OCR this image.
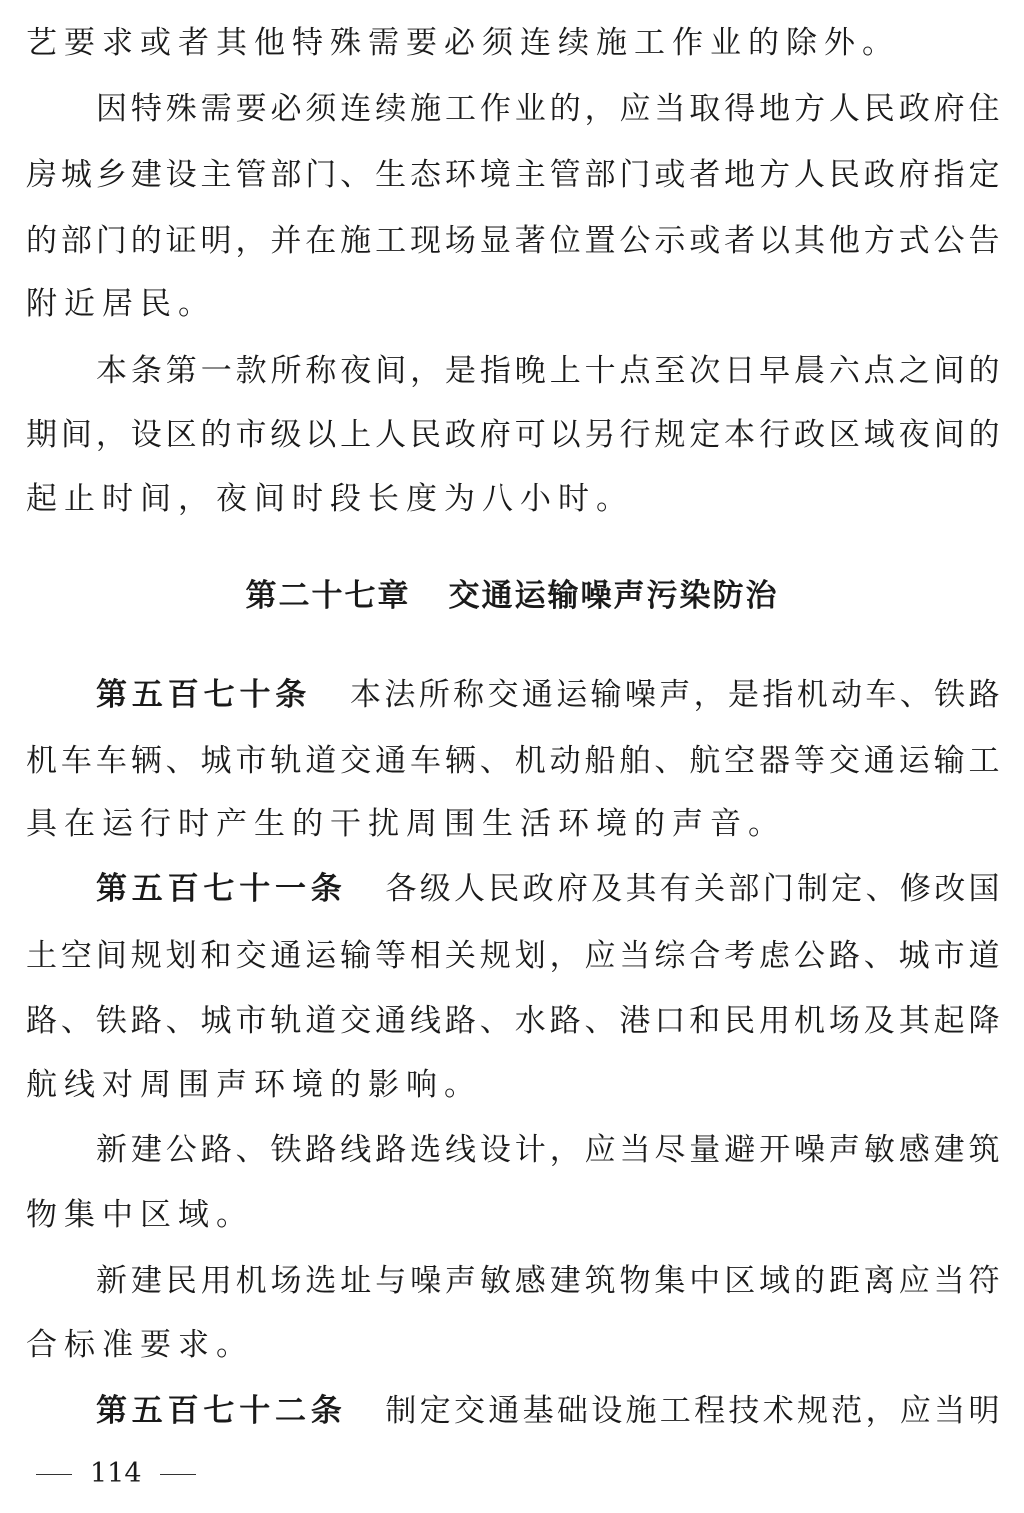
艺要求或者其他特殊需要必须连续施工作业的除外。
因特殊需要必须连续施工作业的，应当取得地方人民政府住
房城乡建设主管部门、生态环境主管部门或者地方人民政府指定
的部门的证明，并在施工现场显著位置公示或者以其他方式公告
附近居民。
本条第一款所称夜间，是指晚上十点至次日早晨六点之间的
期间，设区的市级以上人民政府可以另行规定本行政区域夜间的
起止时间，夜间时段长度为八小时。
第二十七章 交通运输噪声污染防治
第五百七十条 本法所称交通运输噪声，是指机动车、铁路
机车车辆、城市轨道交通车辆、机动船舶、航空器等交通运输工
具在运行时产生的干扰周围生活环境的声音。
第五百七十一条 各级人民政府及其有关部门制定、修改国
土空间规划和交通运输等相关规划，应当综合考虑公路、城市道
路、铁路、城市轨道交通线路、水路、港口和民用机场及其起降
航线对周围声环境的影响。
新建公路、铁路线路选线设计，应当尽量避开噪声敏感建筑
物集中区域。
新建民用机场选址与噪声敏感建筑物集中区域的距离应当符
合标准要求。
第五百七十二条 制定交通基础设施工程技术规范，应当明
114
